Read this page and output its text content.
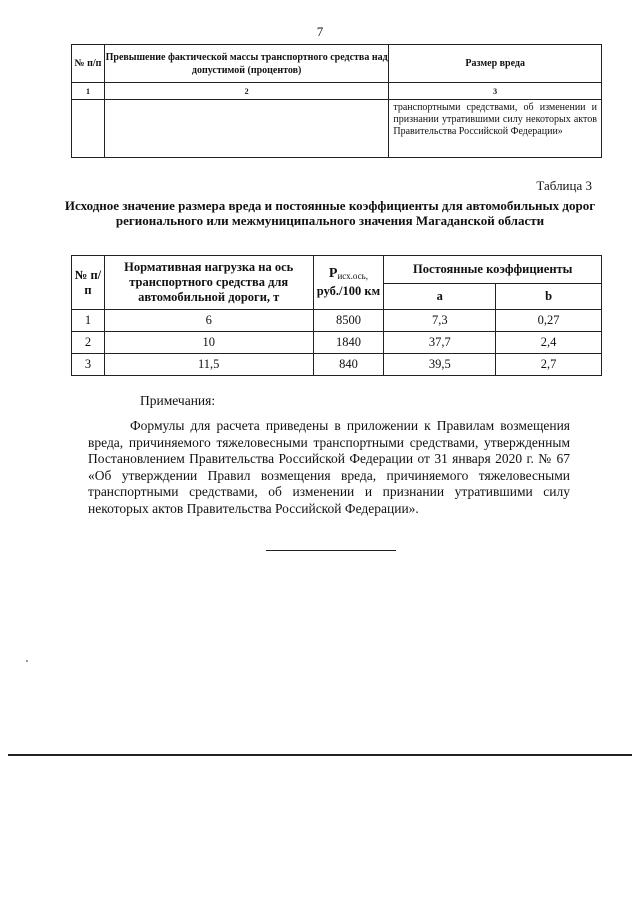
7
№ п/п	Превышение фактической массы транспортного средства над допустимой (процентов)	Размер вреда
1	2	3
		транспортными средствами, об изменении и признании утратившими силу некоторых актов Правительства Российской Федерации»
Таблица 3
Исходное значение размера вреда и постоянные коэффициенты для автомобильных дорог регионального или межмуниципального значения Магаданской области
№ п/п	Нормативная нагрузка на ось транспортного средства для автомобильной дороги, т	Pисх.ось,
руб./100 км	Постоянные коэффициенты	
			a	b
1	6	8500	7,3	0,27
2	10	1840	37,7	2,4
3	11,5	840	39,5	2,7
Примечания:
Формулы для расчета приведены в приложении к Правилам возмещения вреда, причиняемого тяжеловесными транспортными средствами, утвержденным Постановлением Правительства Российской Федерации от 31 января 2020 г. № 67 «Об утверждении Правил возмещения вреда, причиняемого тяжеловесными транспортными средствами, об изменении и признании утратившими силу некоторых актов Правительства Российской Федерации».
